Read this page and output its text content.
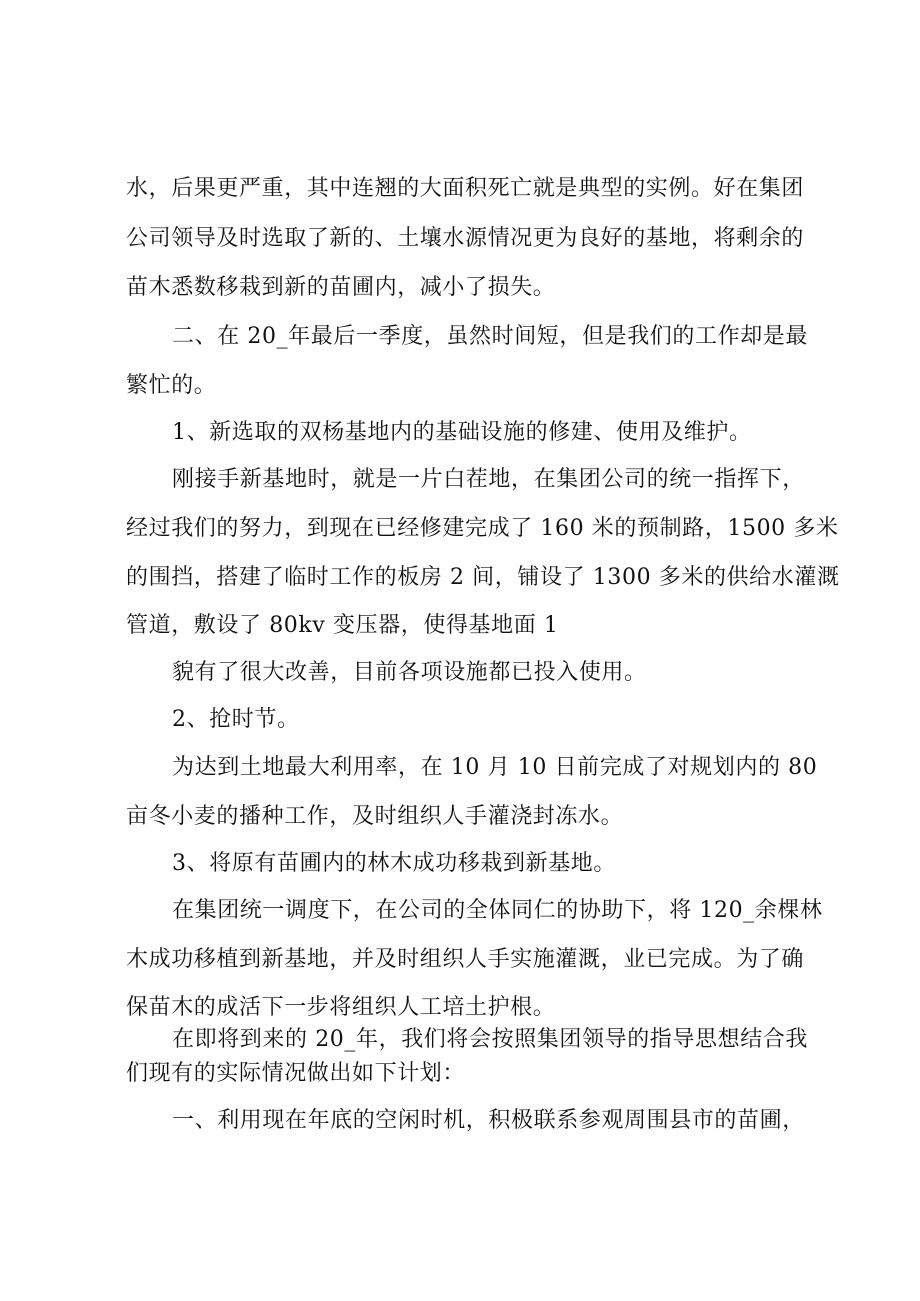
水，后果更严重，其中连翘的大面积死亡就是典型的实例。好在集团
公司领导及时选取了新的、土壤水源情况更为良好的基地，将剩余的
苗木悉数移栽到新的苗圃内，减小了损失。
二、在 20_年最后一季度，虽然时间短，但是我们的工作却是最
繁忙的。
1、新选取的双杨基地内的基础设施的修建、使用及维护。
刚接手新基地时，就是一片白茬地，在集团公司的统一指挥下，
经过我们的努力，到现在已经修建完成了 160 米的预制路，1500 多米
的围挡，搭建了临时工作的板房 2 间，铺设了 1300 多米的供给水灌溉
管道，敷设了 80kv 变压器，使得基地面 1
貌有了很大改善，目前各项设施都已投入使用。
2、抢时节。
为达到土地最大利用率，在 10 月 10 日前完成了对规划内的 80
亩冬小麦的播种工作，及时组织人手灌浇封冻水。
3、将原有苗圃内的林木成功移栽到新基地。
在集团统一调度下，在公司的全体同仁的协助下，将 120_余棵林
木成功移植到新基地，并及时组织人手实施灌溉，业已完成。为了确
保苗木的成活下一步将组织人工培土护根。
在即将到来的 20_年，我们将会按照集团领导的指导思想结合我
们现有的实际情况做出如下计划：
一、利用现在年底的空闲时机，积极联系参观周围县市的苗圃，
